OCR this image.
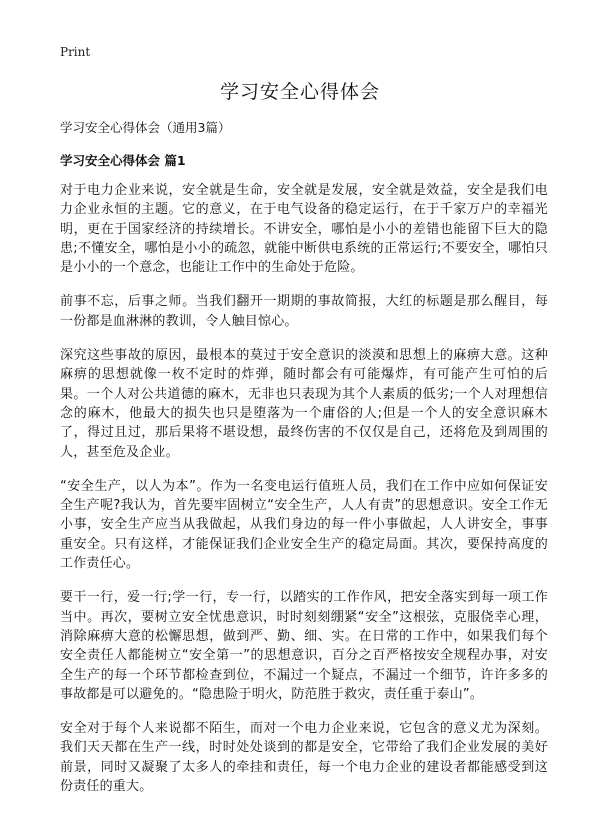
Print
学习安全心得体会

学习安全心得体会（通用3篇）

学习安全心得体会 篇1

对于电力企业来说，安全就是生命，安全就是发展，安全就是效益，安全是我们电力企业永恒的主题。它的意义，在于电气设备的稳定运行，在于千家万户的幸福光明，更在于国家经济的持续增长。不讲安全，哪怕是小小的差错也能留下巨大的隐患;不懂安全，哪怕是小小的疏忽，就能中断供电系统的正常运行;不要安全，哪怕只是小小的一个意念，也能让工作中的生命处于危险。

前事不忘，后事之师。当我们翻开一期期的事故简报，大红的标题是那么醒目，每一份都是血淋淋的教训，令人触目惊心。

深究这些事故的原因，最根本的莫过于安全意识的淡漠和思想上的麻痹大意。这种麻痹的思想就像一枚不定时的炸弹，随时都会有可能爆炸，有可能产生可怕的后果。一个人对公共道德的麻木，无非也只表现为其个人素质的低劣;一个人对理想信念的麻木，他最大的损失也只是堕落为一个庸俗的人;但是一个人的安全意识麻木了，得过且过，那后果将不堪设想，最终伤害的不仅仅是自己，还将危及到周围的人，甚至危及企业。

“安全生产，以人为本”。作为一名变电运行值班人员，我们在工作中应如何保证安全生产呢?我认为，首先要牢固树立“安全生产，人人有责”的思想意识。安全工作无小事，安全生产应当从我做起，从我们身边的每一件小事做起，人人讲安全，事事重安全。只有这样，才能保证我们企业安全生产的稳定局面。其次，要保持高度的工作责任心。

要干一行，爱一行;学一行，专一行，以踏实的工作作风，把安全落实到每一项工作当中。再次，要树立安全忧患意识，时时刻刻绷紧“安全”这根弦，克服侥幸心理，消除麻痹大意的松懈思想，做到严、勤、细、实。在日常的工作中，如果我们每个安全责任人都能树立“安全第一”的思想意识，百分之百严格按安全规程办事，对安全生产的每一个环节都检查到位，不漏过一个疑点，不漏过一个细节，许许多多的事故都是可以避免的。“隐患险于明火，防范胜于救灾，责任重于泰山”。

安全对于每个人来说都不陌生，而对一个电力企业来说，它包含的意义尤为深刻。我们天天都在生产一线，时时处处谈到的都是安全，它带给了我们企业发展的美好前景，同时又凝聚了太多人的牵挂和责任，每一个电力企业的建设者都能感受到这份责任的重大。
